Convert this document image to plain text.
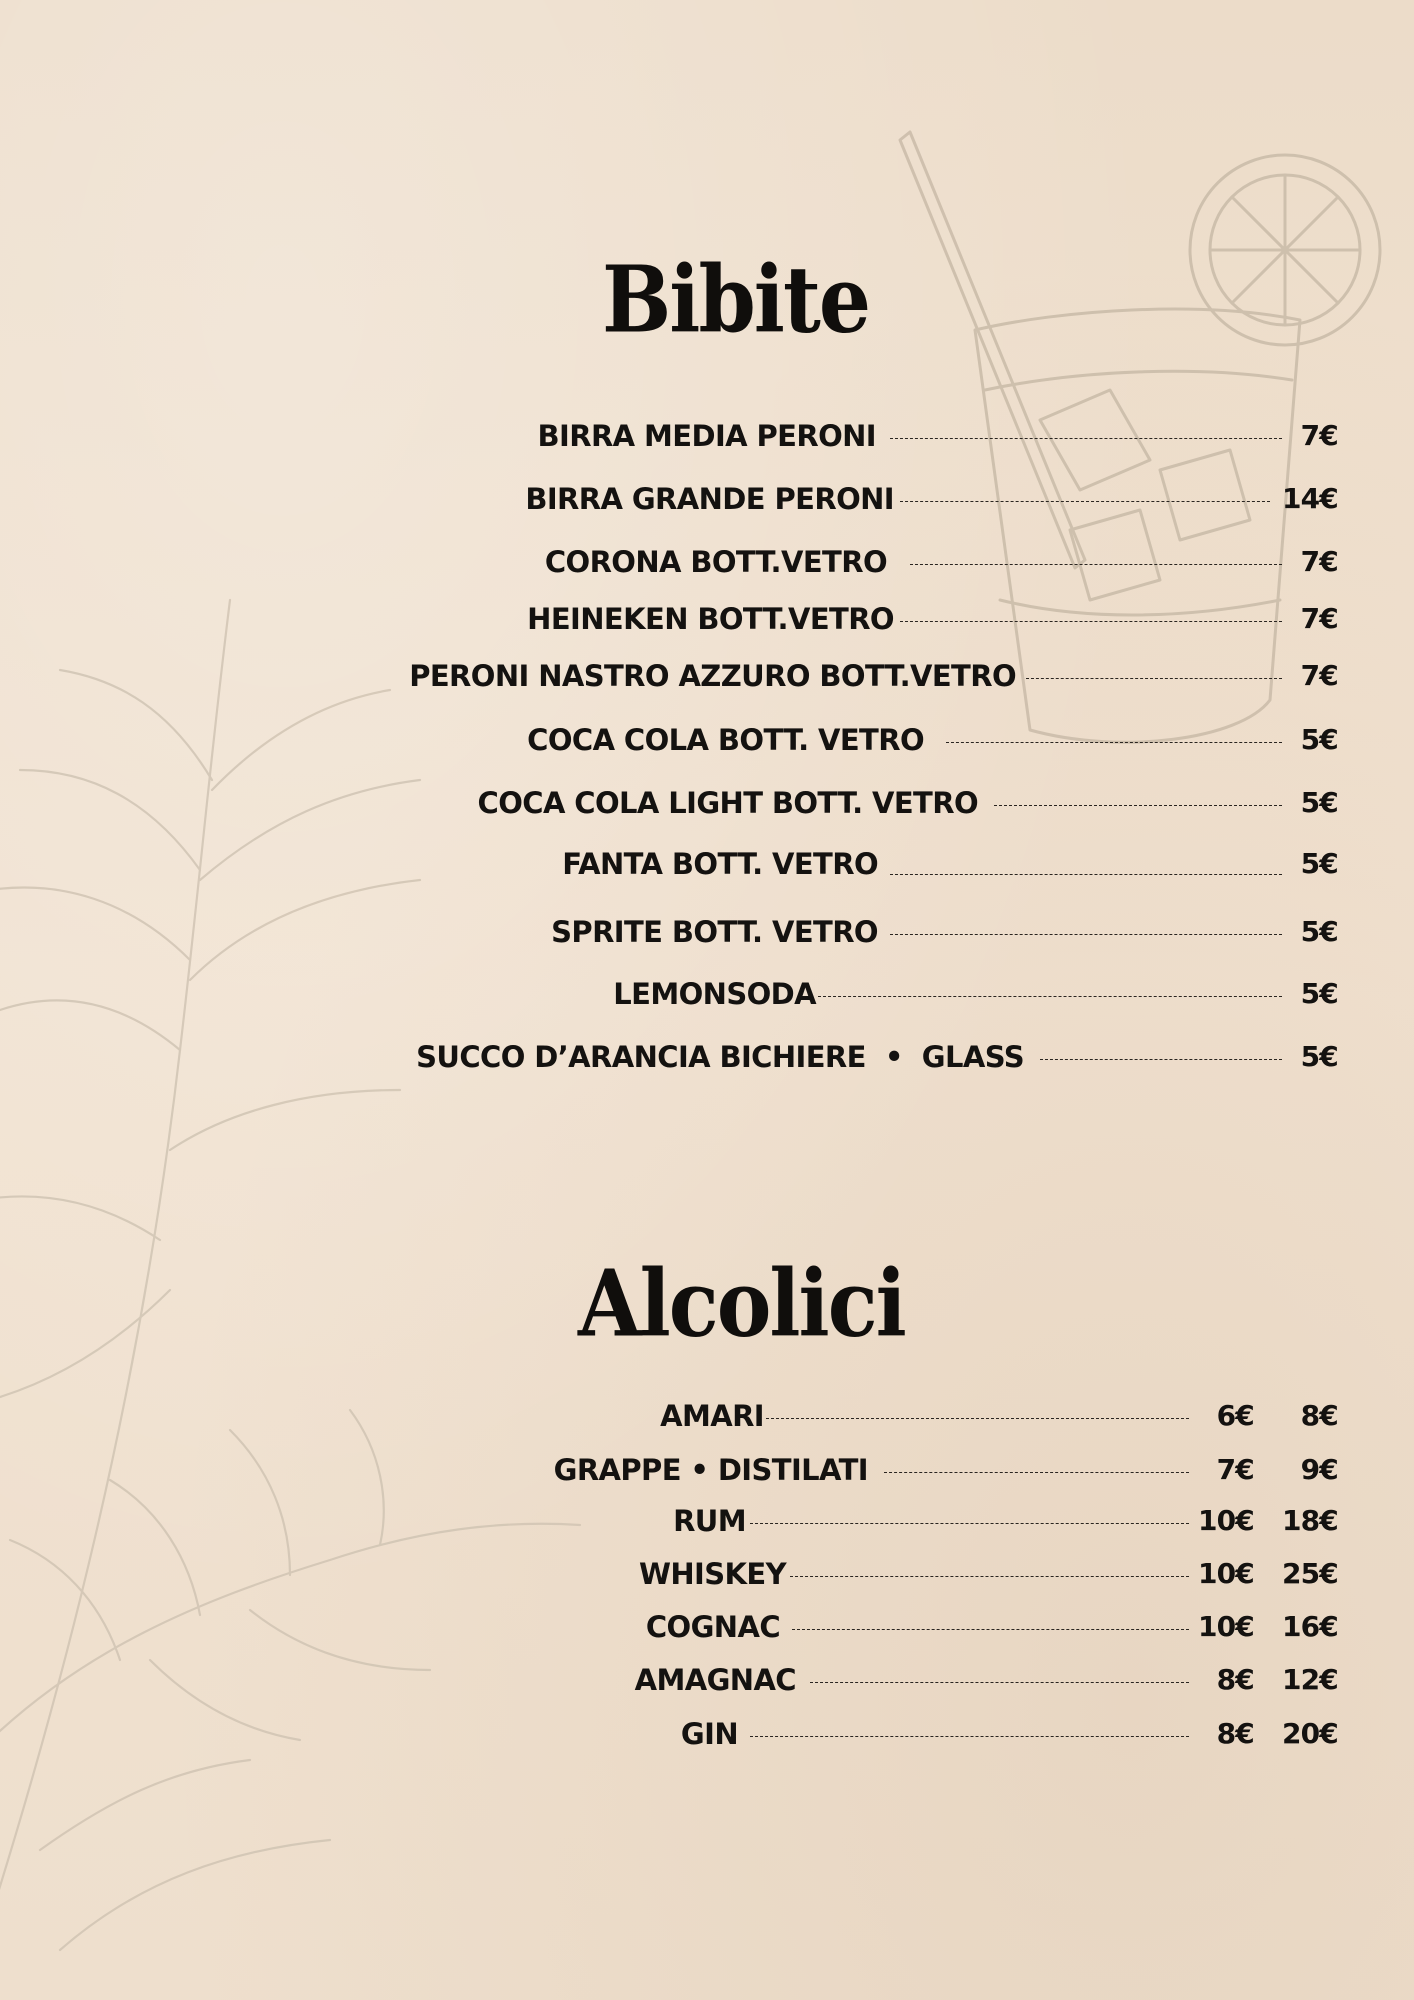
Bibite
BIRRA MEDIA PERONI	7€
BIRRA GRANDE PERONI	14€
CORONA BOTT.VETRO	7€
HEINEKEN BOTT.VETRO	7€
PERONI NASTRO AZZURO BOTT.VETRO	7€
COCA COLA BOTT. VETRO	5€
COCA COLA LIGHT BOTT. VETRO	5€
FANTA BOTT. VETRO	5€
SPRITE BOTT. VETRO	5€
LEMONSODA	5€
SUCCO D’ARANCIA BICHIERE  •  GLASS	5€
Alcolici
AMARI	6€	8€
GRAPPE • DISTILATI	7€	9€
RUM	10€ 18€
WHISKEY	10€ 25€
COGNAC	10€ 16€
AMAGNAC	8€ 12€
GIN	8€ 20€
